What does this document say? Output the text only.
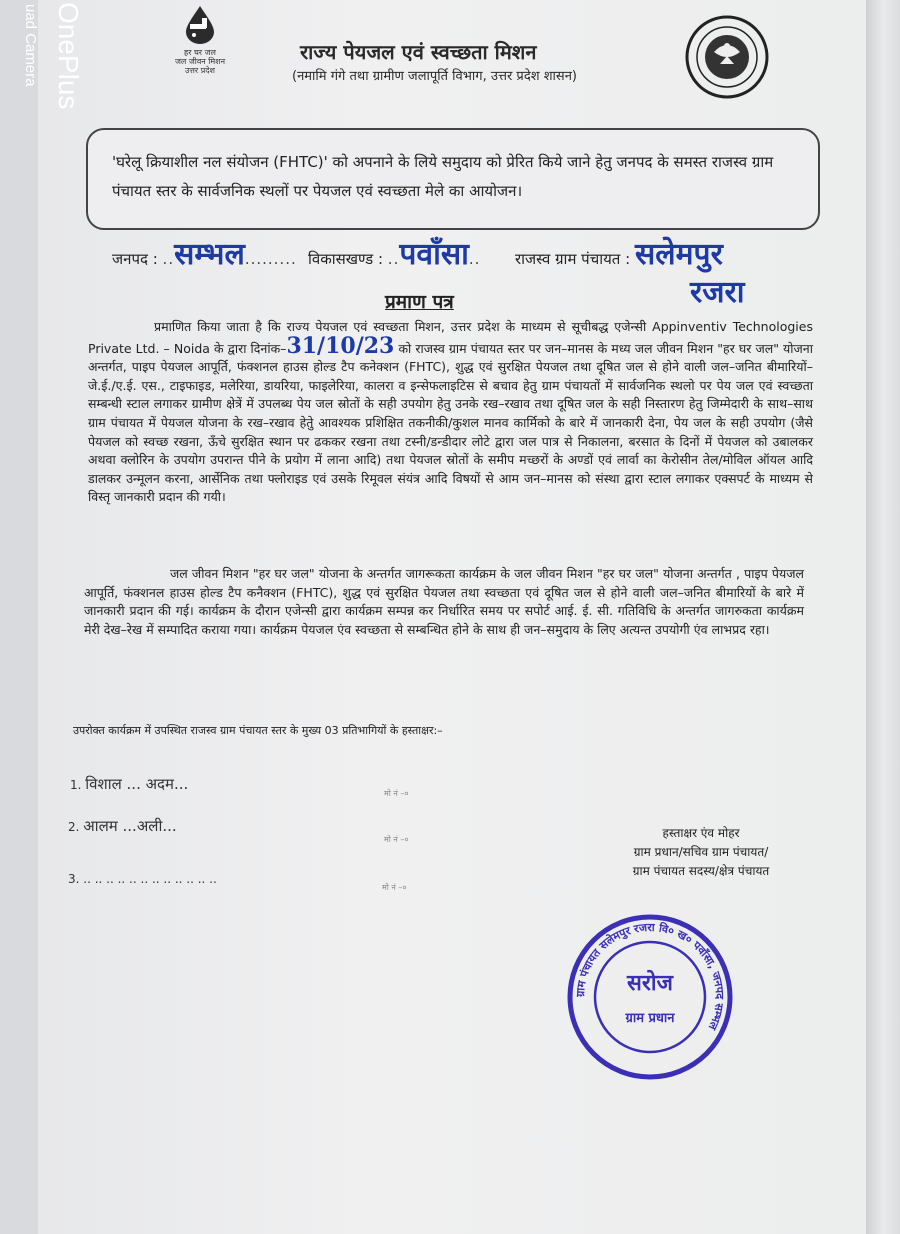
OnePlus
uad Camera	हर घर जल
जल जीवन मिशन
उत्तर प्रदेश
राज्य पेयजल एवं स्वच्छता मिशन
(नमामि गंगे तथा ग्रामीण जलापूर्ति विभाग, उत्तर प्रदेश शासन)

'घरेलू क्रियाशील नल संयोजन (FHTC)' को अपनाने के लिये समुदाय को प्रेरित किये जाने हेतु जनपद के समस्त राजस्व ग्राम पंचायत स्तर के सार्वजनिक स्थलों पर पेयजल एवं स्वच्छता मेले का आयोजन।

जनपद : ..सम्भल......... विकासखण्ड : ..पवाँसा.. राजस्व ग्राम पंचायत : सलेमपुर
रजरा
प्रमाण पत्र
प्रमाणित किया जाता है कि राज्य पेयजल एवं स्वच्छता मिशन, उत्तर प्रदेश के माध्यम से सूचीबद्ध एजेन्सी Appinventiv Technologies Private Ltd. – Noida के द्वारा दिनांक–31/10/23 को राजस्व ग्राम पंचायत स्तर पर जन–मानस के मध्य जल जीवन मिशन "हर घर जल" योजना अन्तर्गत, पाइप पेयजल आपूर्ति, फंक्शनल हाउस होल्ड टैप कनेक्शन (FHTC), शुद्ध एवं सुरक्षित पेयजल तथा दूषित जल से होने वाली जल–जनित बीमारियों–जे.ई./ए.ई. एस., टाइफाइड, मलेरिया, डायरिया, फाइलेरिया, कालरा व इन्सेफलाइटिस से बचाव हेतु ग्राम पंचायतों में सार्वजनिक स्थलो पर पेय जल एवं स्वच्छता सम्बन्धी स्टाल लगाकर ग्रामीण क्षेत्रें में उपलब्ध पेय जल स्रोतों के सही उपयोग हेतु उनके रख–रखाव तथा दूषित जल के सही निस्तारण हेतु जिम्मेदारी के साथ–साथ ग्राम पंचायत में पेयजल योजना के रख–रखाव हेतुे आवश्यक प्रशिक्षित तकनीकी/कुशल मानव कार्मिको के बारे में जानकारी देना, पेय जल के सही उपयोग (जैसे पेयजल को स्वच्छ रखना, ऊँचे सुरक्षित स्थान पर ढककर रखना तथा टस्नी/डन्डीदार लोटे द्वारा जल पात्र से निकालना, बरसात के दिनों में पेयजल को उबालकर अथवा क्लोरिन के उपयोग उपरान्त पीने के प्रयोग में लाना आदि) तथा पेयजल स्रोतों के समीप मच्छरों के अण्डों एवं लार्वा का केरोसीन तेल/मोविल ऑयल आदि डालकर उन्मूलन करना, आर्सेनिक तथा फ्लोराइड एवं उसके रिमूवल संयंत्र आदि विषयों से आम जन–मानस को संस्था द्वारा स्टाल लगाकर एक्सपर्ट के माध्यम से विस्तृ जानकारी प्रदान की गयी।
जल जीवन मिशन "हर घर जल" योजना के अन्तर्गत जागरूकता कार्यक्रम के जल जीवन मिशन "हर घर जल" योजना अन्तर्गत , पाइप पेयजल आपूर्ति, फंक्शनल हाउस होल्ड टैप कनैक्शन (FHTC), शुद्ध एवं सुरक्षित पेयजल तथा स्वच्छता एवं दूषित जल से होने वाली जल–जनित बीमारियों के बारे में जानकारी प्रदान की गई। कार्यक्रम के दौरान एजेन्सी द्वारा कार्यक्रम सम्पन्न कर निर्धारित समय पर सपोर्ट आई. ई. सी. गतिविधि के अन्तर्गत जागरुकता कार्यक्रम मेरी देख–रेख में सम्पादित कराया गया। कार्यक्रम पेयजल एंव स्वच्छता से सम्बन्धित होने के साथ ही जन–समुदाय के लिए अत्यन्त उपयोगी एंव लाभप्रद रहा।
उपरोक्त कार्यक्रम में उपस्थित राजस्व ग्राम पंचायत स्तर के मुख्य 03 प्रतिभागियों के हस्ताक्षर:–
1. विशाल ... अदम...
मो नं –०
2. आलम ...अली...
मो नं –०
3. .. .. .. .. .. .. .. .. .. .. .. ..
मो नं –०
हस्ताक्षर एंव मोहर
ग्राम प्रधान/सचिव ग्राम पंचायत/
ग्राम पंचायत सदस्य/क्षेत्र पंचायत
ग्राम पंचायत सलेमपुर रजरा वि० ख० पवाँसा, जनपद सम्भल
सरोज
ग्राम प्रधान
